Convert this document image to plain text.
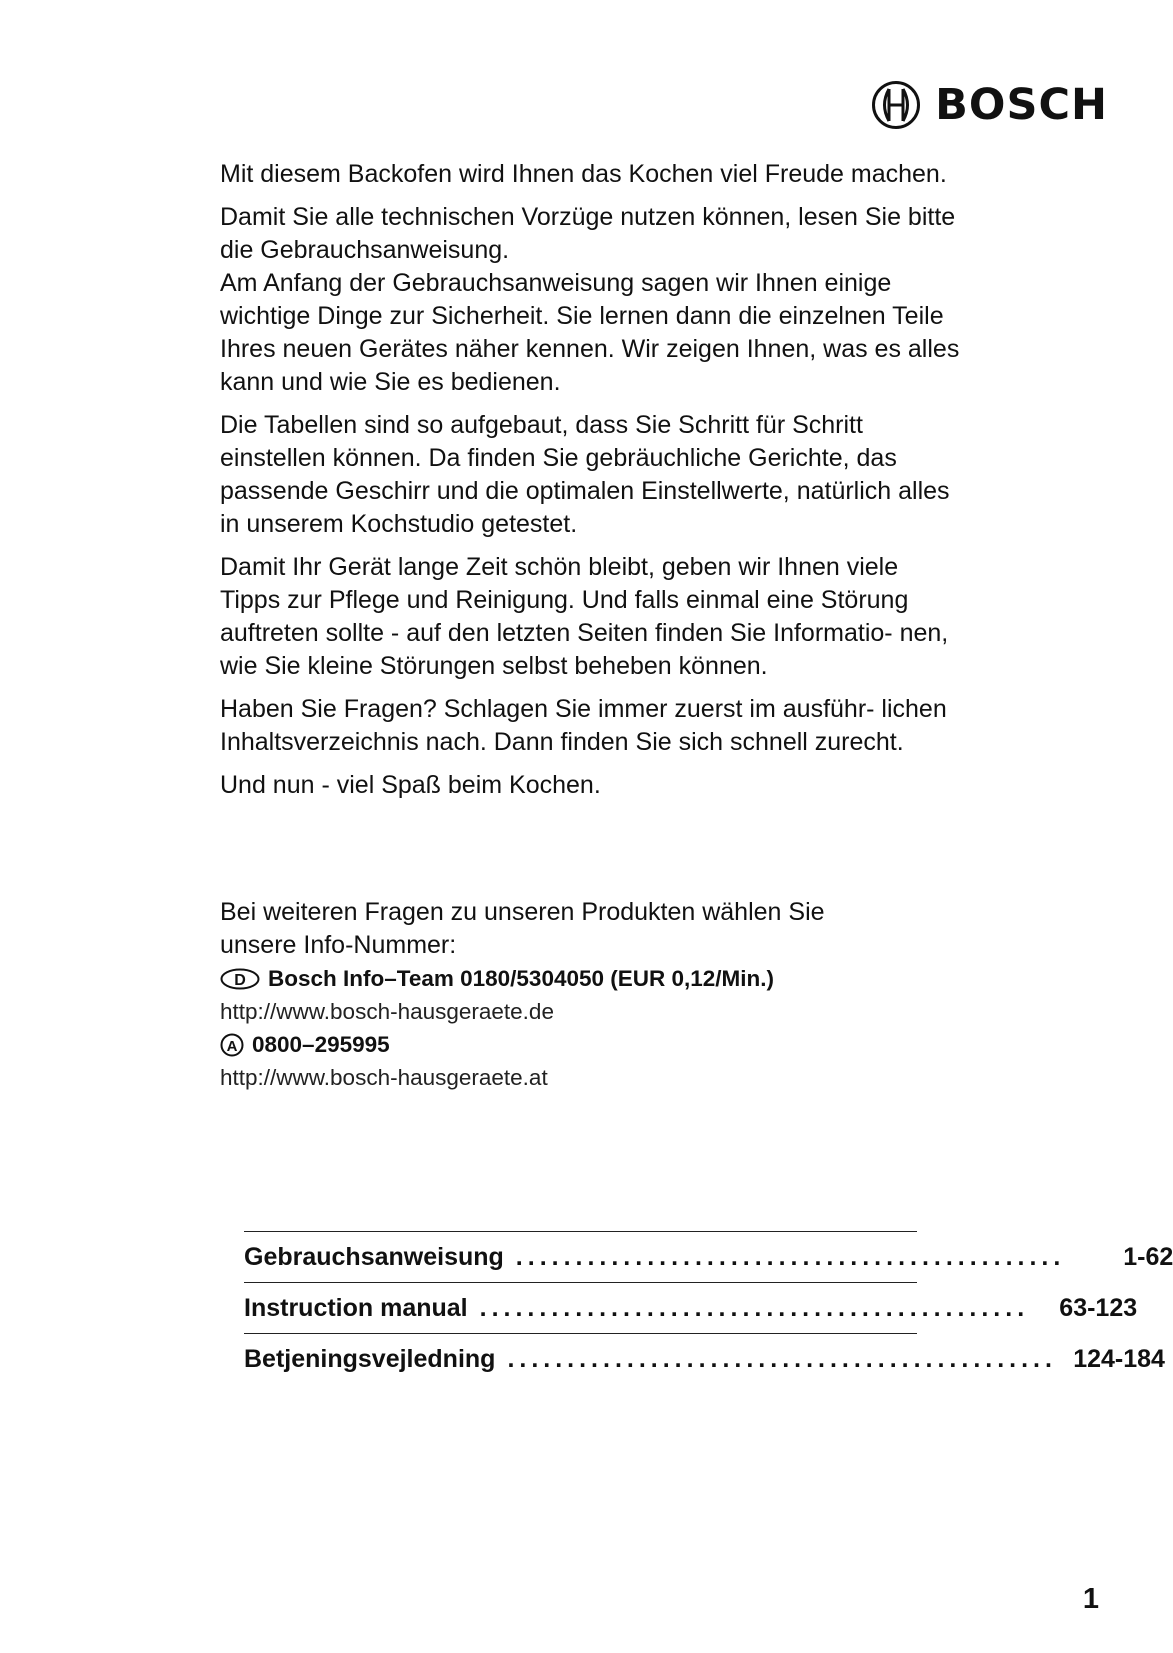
BOSCH

Mit diesem Backofen wird Ihnen das Kochen viel Freude machen.

Damit Sie alle technischen Vorzüge nutzen können, lesen Sie bitte die Gebrauchsanweisung.

Am Anfang der Gebrauchsanweisung sagen wir Ihnen einige wichtige Dinge zur Sicherheit. Sie lernen dann die einzelnen Teile Ihres neuen Gerätes näher kennen. Wir zeigen Ihnen, was es alles kann und wie Sie es bedienen.

Die Tabellen sind so aufgebaut, dass Sie Schritt für Schritt einstellen können. Da finden Sie gebräuchliche Gerichte, das passende Geschirr und die optimalen Einstellwerte, natürlich alles in unserem Kochstudio getestet.

Damit Ihr Gerät lange Zeit schön bleibt, geben wir Ihnen viele Tipps zur Pflege und Reinigung. Und falls einmal eine Störung auftreten sollte - auf den letzten Seiten finden Sie Informatio- nen, wie Sie kleine Störungen selbst beheben können.

Haben Sie Fragen? Schlagen Sie immer zuerst im ausführ- lichen Inhaltsverzeichnis nach. Dann finden Sie sich schnell zurecht.

Und nun - viel Spaß beim Kochen.

Bei weiteren Fragen zu unseren Produkten wählen Sie unsere Info-Nummer:

D Bosch Info–Team 0180/5304050 (EUR 0,12/Min.)
http://www.bosch-hausgeraete.de
A 0800–295995
http://www.bosch-hausgeraete.at
Gebrauchsanweisung ..............................................	1-62
Instruction manual ..............................................	63-123
Betjeningsvejledning .............................................. 124-184
1
